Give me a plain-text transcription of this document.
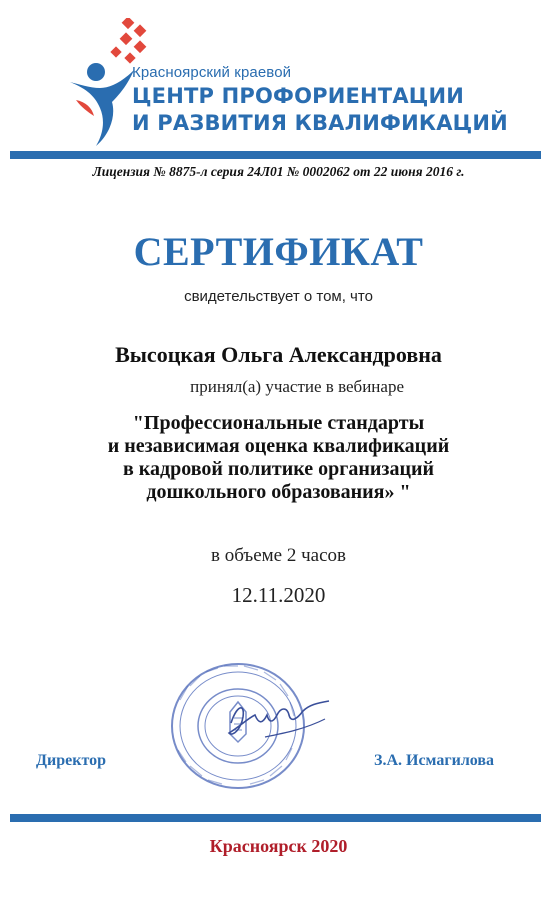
Красноярский краевой
ЦЕНТР ПРОФОРИЕНТАЦИИ
И РАЗВИТИЯ КВАЛИФИКАЦИЙ
Лицензия № 8875-л серия 24Л01 № 0002062 от 22 июня 2016 г.
СЕРТИФИКАТ
свидетельствует о том, что
Высоцкая Ольга Александровна
принял(а) участие в вебинаре
"Профессиональные стандарты
и независимая оценка квалификаций
в кадровой политике организаций
дошкольного образования» "
в объеме 2 часов
12.11.2020
Директор	З.А. Исмагилова
Красноярск 2020
